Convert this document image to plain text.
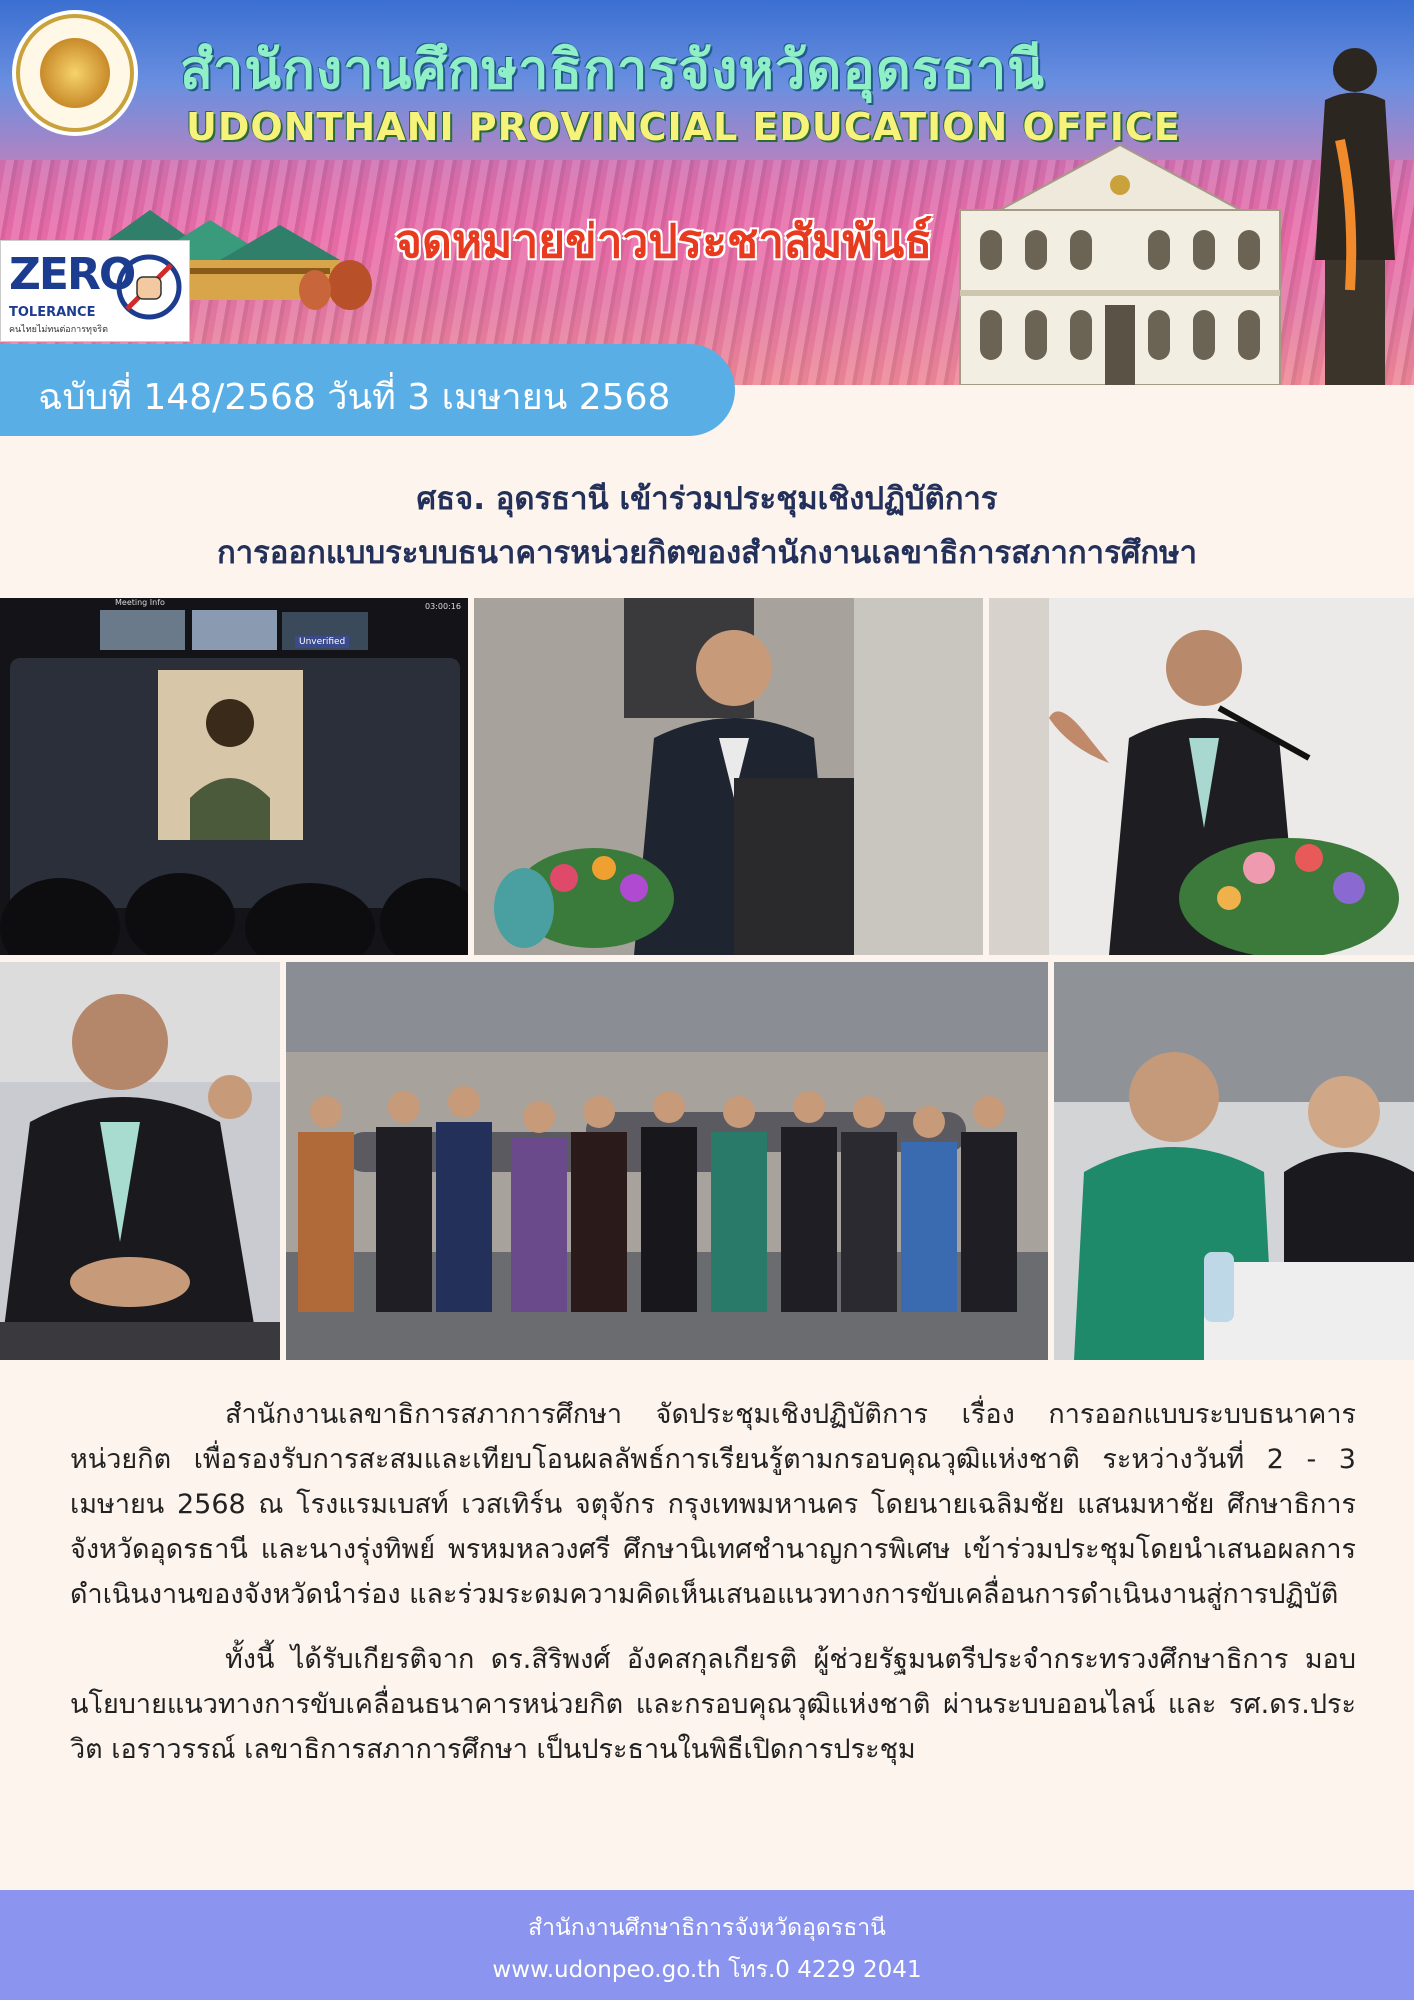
สำนักงานศึกษาธิการจังหวัดอุดรธานี
UDONTHANI PROVINCIAL EDUCATION OFFICE
จดหมายข่าวประชาสัมพันธ์
ZERO
TOLERANCE
คนไทยไม่ทนต่อการทุจริต
ฉบับที่ 148/2568 วันที่ 3 เมษายน 2568
ศธจ. อุดรธานี เข้าร่วมประชุมเชิงปฏิบัติการ
การออกแบบระบบธนาคารหน่วยกิตของสำนักงานเลขาธิการสภาการศึกษา
Meeting Info	03:00:16
Unverified

สำนักงานเลขาธิการสภาการศึกษา จัดประชุมเชิงปฏิบัติการ เรื่อง การออกแบบระบบธนาคารหน่วยกิต เพื่อรองรับการสะสมและเทียบโอนผลลัพธ์การเรียนรู้ตามกรอบคุณวุฒิแห่งชาติ ระหว่างวันที่ 2 - 3 เมษายน 2568 ณ โรงแรมเบสท์ เวสเทิร์น จตุจักร กรุงเทพมหานคร โดยนายเฉลิมชัย แสนมหาชัย ศึกษาธิการจังหวัดอุดรธานี และนางรุ่งทิพย์ พรหมหลวงศรี ศึกษานิเทศชำนาญการพิเศษ เข้าร่วมประชุมโดยนำเสนอผลการดำเนินงานของจังหวัดนำร่อง และร่วมระดมความคิดเห็นเสนอแนวทางการขับเคลื่อนการดำเนินงานสู่การปฏิบัติ

ทั้งนี้ ได้รับเกียรติจาก ดร.สิริพงศ์ อังคสกุลเกียรติ ผู้ช่วยรัฐมนตรีประจำกระทรวงศึกษาธิการ มอบนโยบายแนวทางการขับเคลื่อนธนาคารหน่วยกิต และกรอบคุณวุฒิแห่งชาติ ผ่านระบบออนไลน์ และ รศ.ดร.ประวิต เอราวรรณ์ เลขาธิการสภาการศึกษา เป็นประธานในพิธีเปิดการประชุม

สำนักงานศึกษาธิการจังหวัดอุดรธานี
www.udonpeo.go.th โทร.0 4229 2041
